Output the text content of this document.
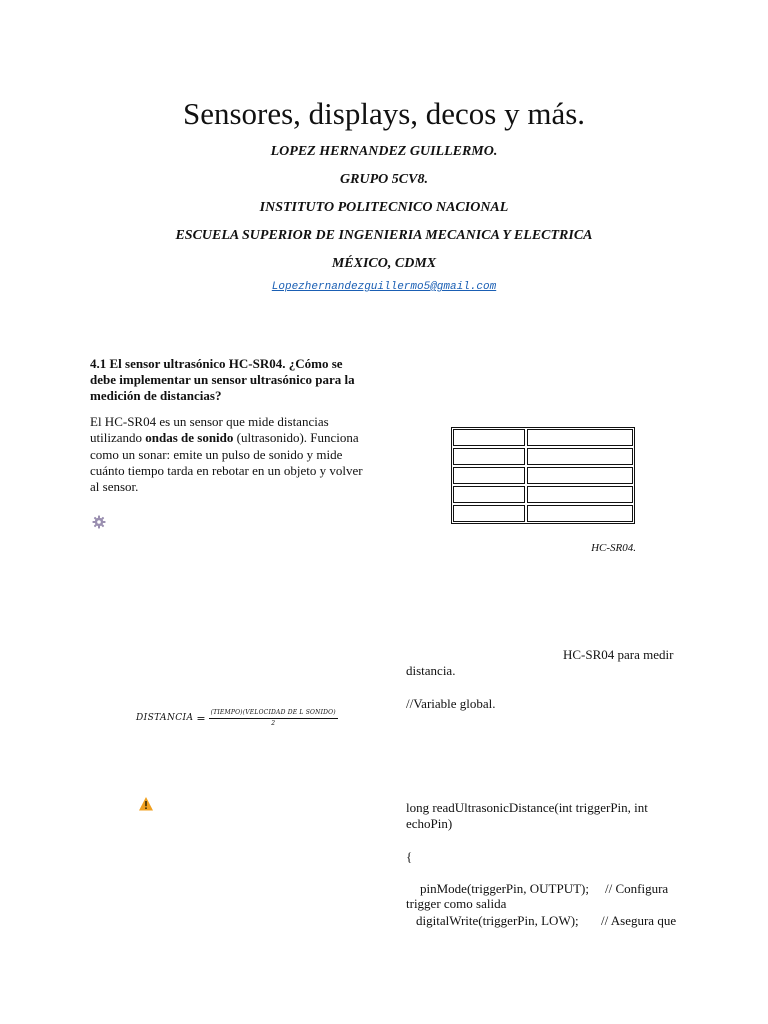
Sensores, displays, decos y más.
LOPEZ HERNANDEZ GUILLERMO.
GRUPO 5CV8.
INSTITUTO POLITECNICO NACIONAL
ESCUELA SUPERIOR DE INGENIERIA MECANICA Y ELECTRICA
MÉXICO, CDMX
Lopezhernandezguillermo5@gmail.com
4.1 El sensor ultrasónico HC-SR04. ¿Cómo se debe implementar un sensor ultrasónico para la medición de distancias?
El HC-SR04 es un sensor que mide distancias utilizando ondas de sonido (ultrasonido). Funciona como un sonar: emite un pulso de sonido y mide cuánto tiempo tarda en rebotar en un objeto y volver al sensor.
DISTANCIA = $\frac{\text{(TIEMPO)(VELOCIDAD DE L SONIDO)}}{2}$
HC-SR04.
HC-SR04 para medir
distancia.
//Variable global.
long readUltrasonicDistance(int triggerPin, int
echoPin)
{
pinMode(triggerPin, OUTPUT); // Configura
trigger como salida
digitalWrite(triggerPin, LOW); // Asegura que
